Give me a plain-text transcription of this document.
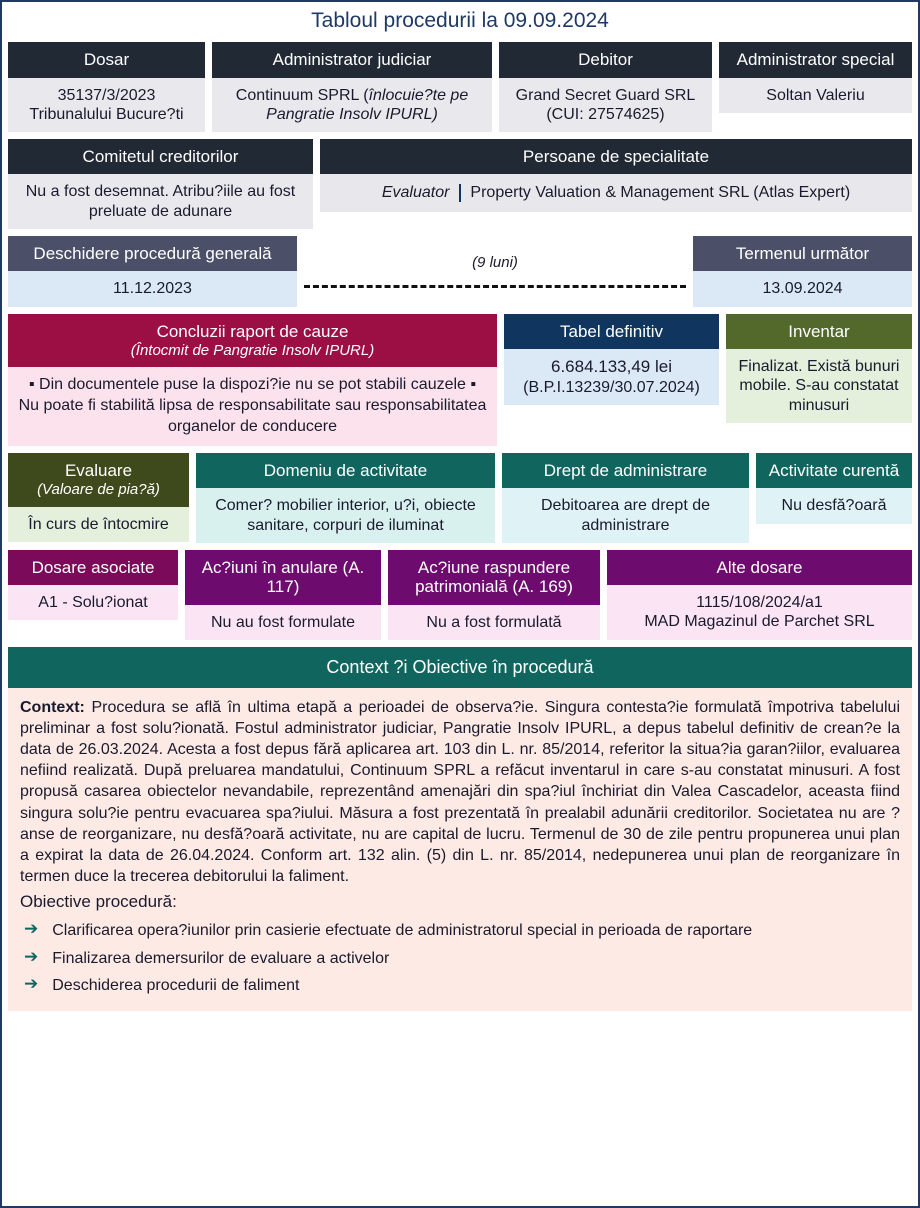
Tabloul procedurii la 09.09.2024
Dosar
35137/3/2023
Tribunalului Bucure?ti
Administrator judiciar
Continuum SPRL (înlocuie?te pe Pangratie Insolv IPURL)
Debitor
Grand Secret Guard SRL (CUI: 27574625)
Administrator special
Soltan Valeriu
Comitetul creditorilor
Nu a fost desemnat. Atribu?iile au fost preluate de adunare
Persoane de specialitate
Evaluator	Property Valuation & Management SRL (Atlas Expert)
Deschidere procedură generală
11.12.2023
(9 luni)	Termenul următor
13.09.2024
Concluzii raport de cauze
(Întocmit de Pangratie Insolv IPURL)
▪ Din documentele puse la dispozi?ie nu se pot stabili cauzele ▪ Nu poate fi stabilită lipsa de responsabilitate sau responsabilitatea organelor de conducere
Tabel definitiv
6.684.133,49 lei
(B.P.I.13239/30.07.2024)
Inventar
Finalizat. Există bunuri mobile. S-au constatat minusuri
Evaluare
(Valoare de pia?ă)
În curs de întocmire
Domeniu de activitate
Comer? mobilier interior, u?i, obiecte sanitare, corpuri de iluminat
Drept de administrare
Debitoarea are drept de administrare
Activitate curentă
Nu desfă?oară
Dosare asociate
A1 - Solu?ionat
Ac?iuni în anulare (A. 117)
Nu au fost formulate
Ac?iune raspundere patrimonială (A. 169)
Nu a fost formulată
Alte dosare
1115/108/2024/a1
MAD Magazinul de Parchet SRL
Context ?i Obiective în procedură

Context: Procedura se află în ultima etapă a perioadei de observa?ie. Singura contesta?ie formulată împotriva tabelului preliminar a fost solu?ionată. Fostul administrator judiciar, Pangratie Insolv IPURL, a depus tabelul definitiv de crean?e la data de 26.03.2024. Acesta a fost depus fără aplicarea art. 103 din L. nr. 85/2014, referitor la situa?ia garan?iilor, evaluarea nefiind realizată. După preluarea mandatului, Continuum SPRL a refăcut inventarul in care s-au constatat minusuri. A fost propusă casarea obiectelor nevandabile, reprezentând amenajări din spa?iul închiriat din Valea Cascadelor, aceasta fiind singura solu?ie pentru evacuarea spa?iului. Măsura a fost prezentată în prealabil adunării creditorilor. Societatea nu are ?anse de reorganizare, nu desfă?oară activitate, nu are capital de lucru. Termenul de 30 de zile pentru propunerea unui plan a expirat la data de 26.04.2024. Conform art. 132 alin. (5) din L. nr. 85/2014, nedepunerea unui plan de reorganizare în termen duce la trecerea debitorului la faliment.

Obiective procedură:
➔ Clarificarea opera?iunilor prin casierie efectuate de administratorul special in perioada de raportare
➔ Finalizarea demersurilor de evaluare a activelor
➔ Deschiderea procedurii de faliment
